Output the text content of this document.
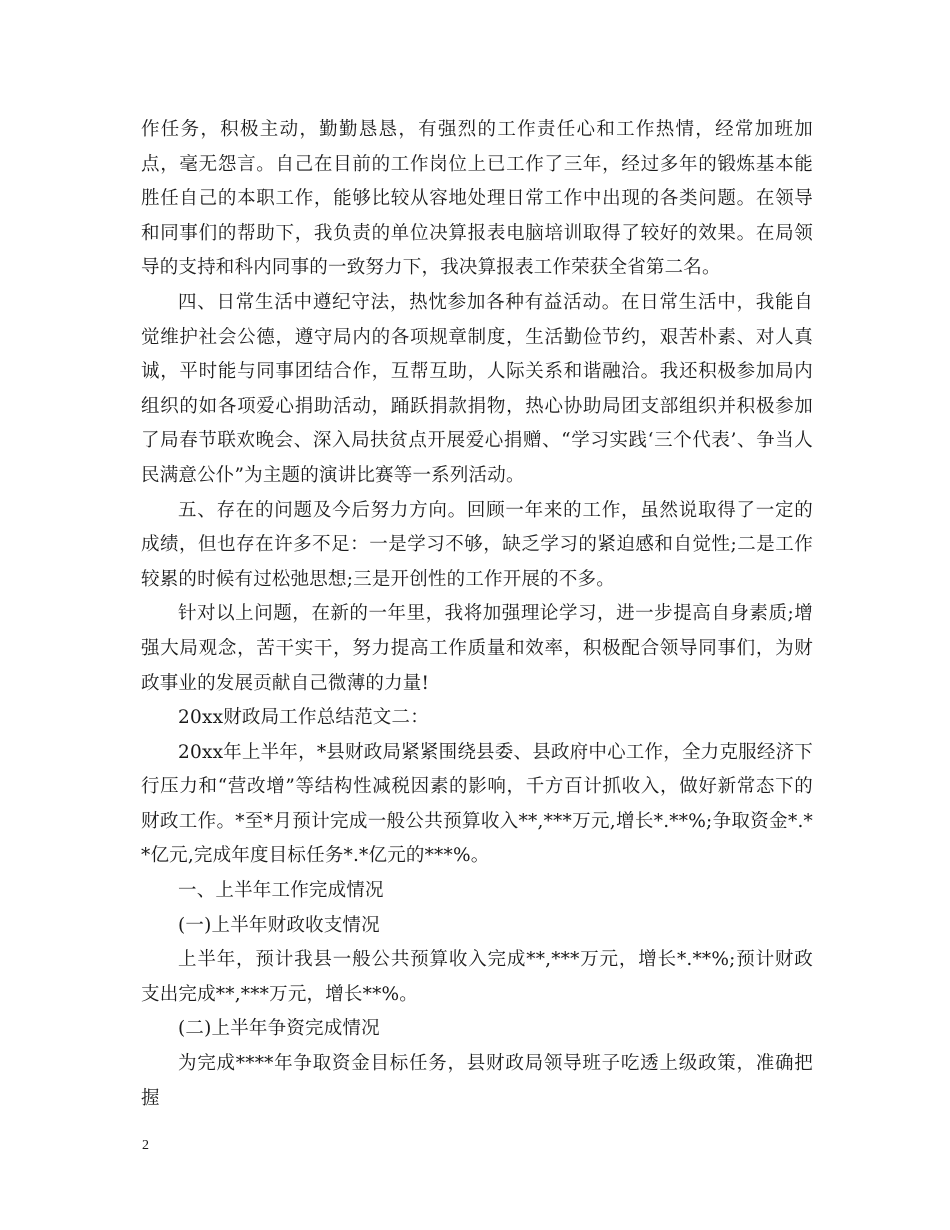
作任务，积极主动，勤勤恳恳，有强烈的工作责任心和工作热情，经常加班加点，毫无怨言。自己在目前的工作岗位上已工作了三年，经过多年的锻炼基本能胜任自己的本职工作，能够比较从容地处理日常工作中出现的各类问题。在领导和同事们的帮助下，我负责的单位决算报表电脑培训取得了较好的效果。在局领导的支持和科内同事的一致努力下，我决算报表工作荣获全省第二名。

四、日常生活中遵纪守法，热忱参加各种有益活动。在日常生活中，我能自觉维护社会公德，遵守局内的各项规章制度，生活勤俭节约，艰苦朴素、对人真诚，平时能与同事团结合作，互帮互助，人际关系和谐融洽。我还积极参加局内组织的如各项爱心捐助活动，踊跃捐款捐物，热心协助局团支部组织并积极参加了局春节联欢晚会、深入局扶贫点开展爱心捐赠、“学习实践‘三个代表’、争当人民满意公仆”为主题的演讲比赛等一系列活动。

五、存在的问题及今后努力方向。回顾一年来的工作，虽然说取得了一定的成绩，但也存在许多不足：一是学习不够，缺乏学习的紧迫感和自觉性;二是工作较累的时候有过松弛思想;三是开创性的工作开展的不多。

针对以上问题，在新的一年里，我将加强理论学习，进一步提高自身素质;增强大局观念，苦干实干，努力提高工作质量和效率，积极配合领导同事们，为财政事业的发展贡献自己微薄的力量!

20xx财政局工作总结范文二：

20xx年上半年，*县财政局紧紧围绕县委、县政府中心工作，全力克服经济下行压力和“营改增”等结构性减税因素的影响，千方百计抓收入，做好新常态下的财政工作。*至*月预计完成一般公共预算收入**,***万元,增长*.**%;争取资金*.**亿元,完成年度目标任务*.*亿元的***%。

一、上半年工作完成情况

(一)上半年财政收支情况

上半年，预计我县一般公共预算收入完成**,***万元，增长*.**%;预计财政支出完成**,***万元，增长**%。

(二)上半年争资完成情况

为完成****年争取资金目标任务，县财政局领导班子吃透上级政策，准确把握

2
